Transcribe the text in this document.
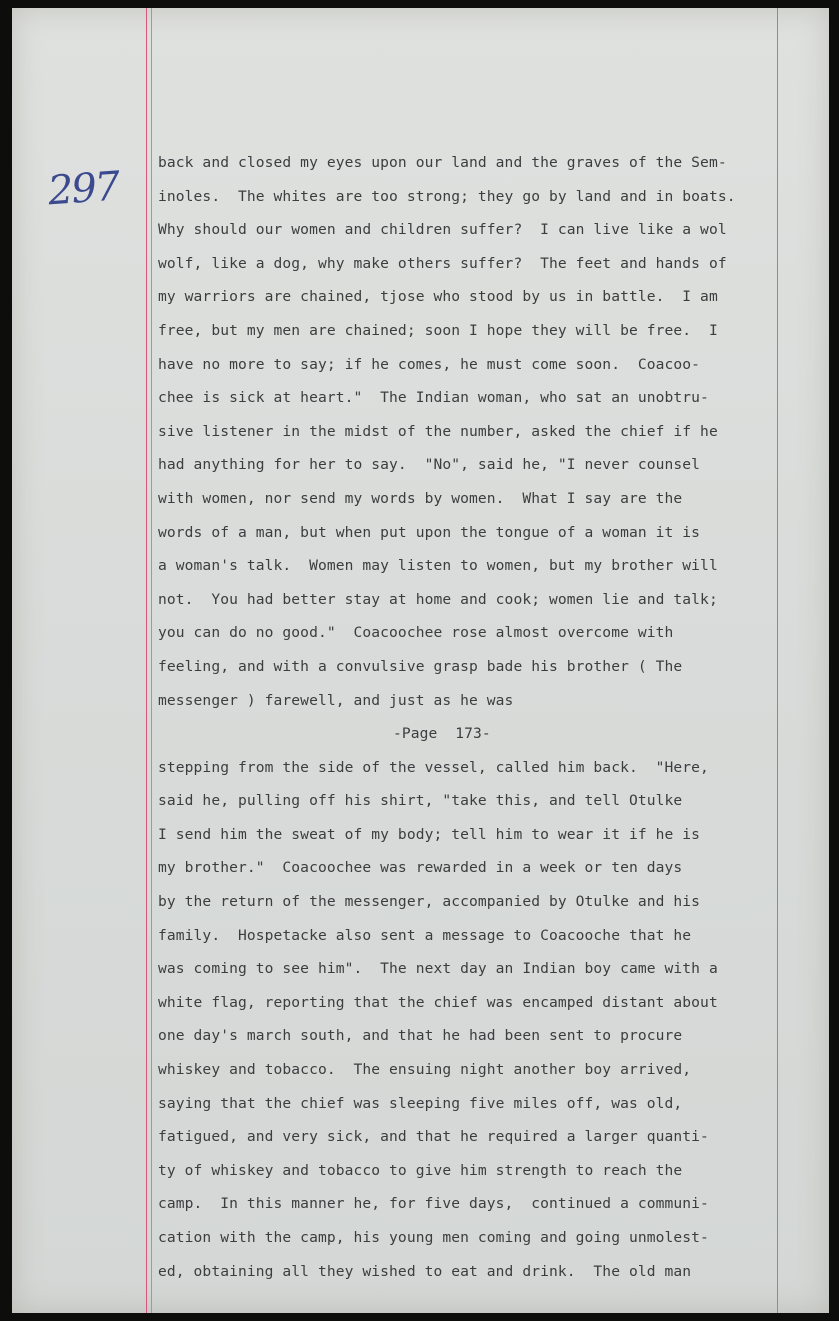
297
back and closed my eyes upon our land and the graves of the Sem-
inoles.  The whites are too strong; they go by land and in boats.
Why should our women and children suffer?  I can live like a wol
wolf, like a dog, why make others suffer?  The feet and hands of
my warriors are chained, tjose who stood by us in battle.  I am
free, but my men are chained; soon I hope they will be free.  I
have no more to say; if he comes, he must come soon.  Coacoo-
chee is sick at heart."  The Indian woman, who sat an unobtru-
sive listener in the midst of the number, asked the chief if he
had anything for her to say.  "No", said he, "I never counsel
with women, nor send my words by women.  What I say are the
words of a man, but when put upon the tongue of a woman it is
a woman's talk.  Women may listen to women, but my brother will
not.  You had better stay at home and cook; women lie and talk;
you can do no good."  Coacoochee rose almost overcome with
feeling, and with a convulsive grasp bade his brother ( The
messenger ) farewell, and just as he was
-Page  173-
stepping from the side of the vessel, called him back.  "Here,
said he, pulling off his shirt, "take this, and tell Otulke
I send him the sweat of my body; tell him to wear it if he is
my brother."  Coacoochee was rewarded in a week or ten days
by the return of the messenger, accompanied by Otulke and his
family.  Hospetacke also sent a message to Coacooche that he
was coming to see him".  The next day an Indian boy came with a
white flag, reporting that the chief was encamped distant about
one day's march south, and that he had been sent to procure
whiskey and tobacco.  The ensuing night another boy arrived,
saying that the chief was sleeping five miles off, was old,
fatigued, and very sick, and that he required a larger quanti-
ty of whiskey and tobacco to give him strength to reach the
camp.  In this manner he, for five days,  continued a communi-
cation with the camp, his young men coming and going unmolest-
ed, obtaining all they wished to eat and drink.  The old man
